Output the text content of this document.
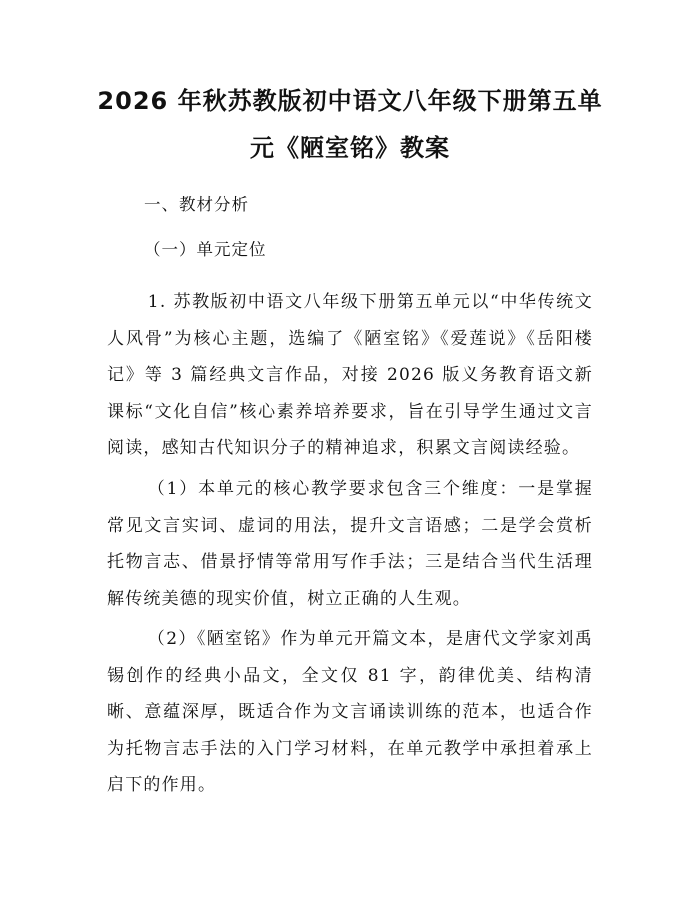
2026 年秋苏教版初中语文八年级下册第五单
元《陋室铭》教案
一、教材分析
（一）单元定位
1. 苏教版初中语文八年级下册第五单元以“中华传统文人风骨”为核心主题，选编了《陋室铭》《爱莲说》《岳阳楼记》等 3 篇经典文言作品，对接 2026 版义务教育语文新课标“文化自信”核心素养培养要求，旨在引导学生通过文言阅读，感知古代知识分子的精神追求，积累文言阅读经验。
（1）本单元的核心教学要求包含三个维度：一是掌握常见文言实词、虚词的用法，提升文言语感；二是学会赏析托物言志、借景抒情等常用写作手法；三是结合当代生活理解传统美德的现实价值，树立正确的人生观。
（2）《陋室铭》作为单元开篇文本，是唐代文学家刘禹锡创作的经典小品文，全文仅 81 字，韵律优美、结构清晰、意蕴深厚，既适合作为文言诵读训练的范本，也适合作为托物言志手法的入门学习材料，在单元教学中承担着承上启下的作用。
